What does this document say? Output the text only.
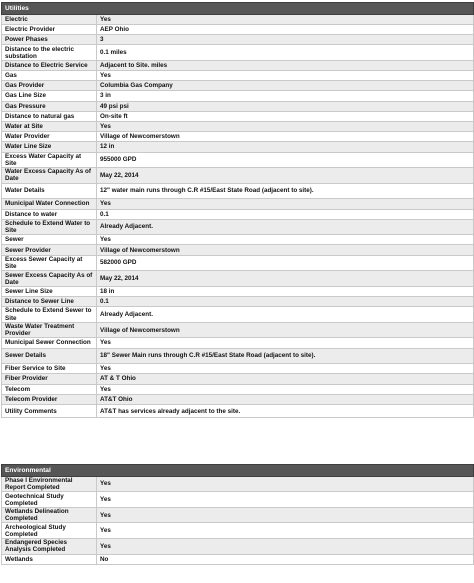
Utilities	
Electric	Yes
Electric Provider	AEP Ohio
Power Phases	3
Distance to the electric substation	0.1 miles
Distance to Electric Service	Adjacent to Site. miles
Gas	Yes
Gas Provider	Columbia Gas Company
Gas Line Size	3 in
Gas Pressure	49 psi psi
Distance to natural gas	On-site ft
Water at Site	Yes
Water Provider	Village of Newcomerstown
Water Line Size	12 in
Excess Water Capacity at Site	955000 GPD
Water Excess Capacity As of Date	May 22, 2014
Water Details	12" water main runs through C.R #15/East State Road (adjacent to site).
Municipal Water Connection	Yes
Distance to water	0.1
Schedule to Extend Water to Site	Already Adjacent.
Sewer	Yes
Sewer Provider	Village of Newcomerstown
Excess Sewer Capacity at Site	582000 GPD
Sewer Excess Capacity As of Date	May 22, 2014
Sewer Line Size	18 in
Distance to Sewer Line	0.1
Schedule to Extend Sewer to Site	Already Adjacent.
Waste Water Treatment Provider	Village of Newcomerstown
Municipal Sewer Connection	Yes
Sewer Details	18" Sewer Main runs through C.R #15/East State Road (adjacent to site).
Fiber Service to Site	Yes
Fiber Provider	AT & T Ohio
Telecom	Yes
Telecom Provider	AT&T Ohio
Utility Comments	AT&T has services already adjacent to the site.
Environmental	
Phase I Environmental Report Completed	Yes
Geotechnical Study Completed	Yes
Wetlands Delineation Completed	Yes
Archeological Study Completed	Yes
Endangered Species Analysis Completed	Yes
Wetlands	No
